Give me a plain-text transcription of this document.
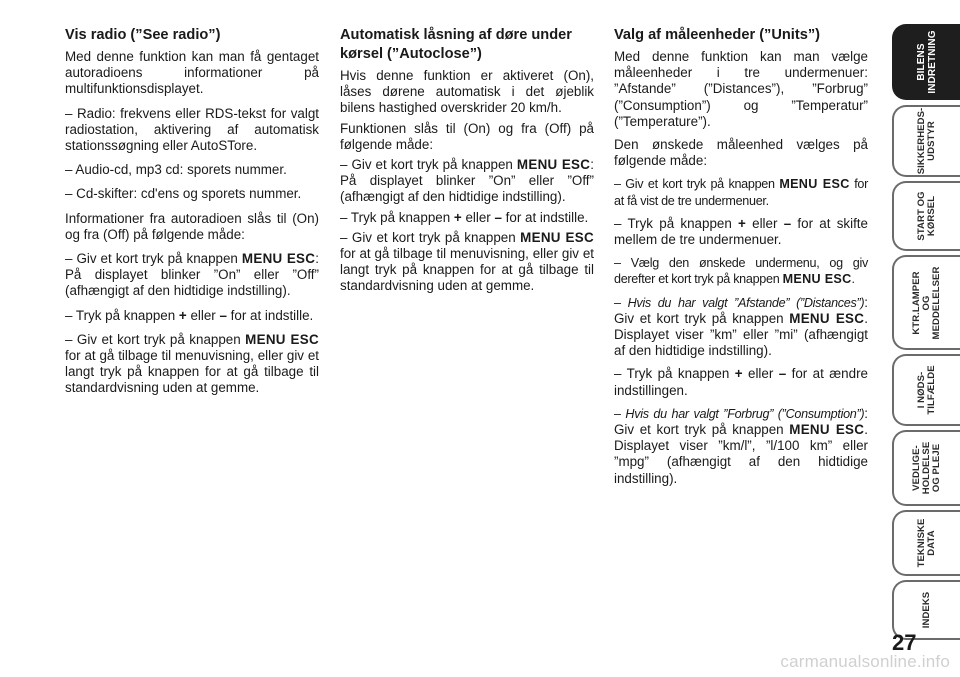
Vis radio (”See radio”)

Med denne funktion kan man få gentaget autoradioens informationer på multifunktionsdisplayet.

– Radio: frekvens eller RDS-tekst for valgt radiostation, aktivering af automatisk stationssøgning eller AutoSTore.

– Audio-cd, mp3 cd: sporets nummer.

– Cd-skifter: cd'ens og sporets nummer.

Informationer fra autoradioen slås til (On) og fra (Off) på følgende måde:

– Giv et kort tryk på knappen MENU ESC: På displayet blinker ”On” eller ”Off” (afhængigt af den hidtidige indstilling).

– Tryk på knappen + eller – for at indstille.

– Giv et kort tryk på knappen MENU ESC for at gå tilbage til menuvisning, eller giv et langt tryk på knappen for at gå tilbage til standardvisning uden at gemme.

Automatisk låsning af døre under kørsel (”Autoclose”)

Hvis denne funktion er aktiveret (On), låses dørene automatisk i det øjeblik bilens hastighed overskrider 20 km/h.

Funktionen slås til (On) og fra (Off) på følgende måde:

– Giv et kort tryk på knappen MENU ESC: På displayet blinker ”On” eller ”Off” (afhængigt af den hidtidige indstilling).

– Tryk på knappen + eller – for at indstille.

– Giv et kort tryk på knappen MENU ESC for at gå tilbage til menuvisning, eller giv et langt tryk på knappen for at gå tilbage til standardvisning uden at gemme.

Valg af måleenheder (”Units”)

Med denne funktion kan man vælge måleenheder i tre undermenuer: ”Afstande” (”Distances”), ”Forbrug” (”Consumption”) og ”Temperatur” (”Temperature”).

Den ønskede måleenhed vælges på følgende måde:

– Giv et kort tryk på knappen MENU ESC for at få vist de tre undermenuer.

– Tryk på knappen + eller – for at skifte mellem de tre undermenuer.

– Vælg den ønskede undermenu, og giv derefter et kort tryk på knappen MENU ESC.

– Hvis du har valgt ”Afstande” (”Distances”): Giv et kort tryk på knappen MENU ESC. Displayet viser ”km” eller ”mi” (afhængigt af den hidtidige indstilling).

– Tryk på knappen + eller – for at ændre indstillingen.

– Hvis du har valgt ”Forbrug” (”Consumption”): Giv et kort tryk på knappen MENU ESC. Displayet viser ”km/l”, ”l/100 km” eller ”mpg” (afhængigt af den hidtidige indstilling).

BILENS
INDRETNING
SIKKERHEDS-
UDSTYR
START OG
KØRSEL
KTR.LAMPER
OG
MEDDELELSER
I NØDS-
TILFÆLDE
VEDLIGE-
HOLDELSE
OG PLEJE
TEKNISKE
DATA
INDEKS
27
carmanualsonline.info
